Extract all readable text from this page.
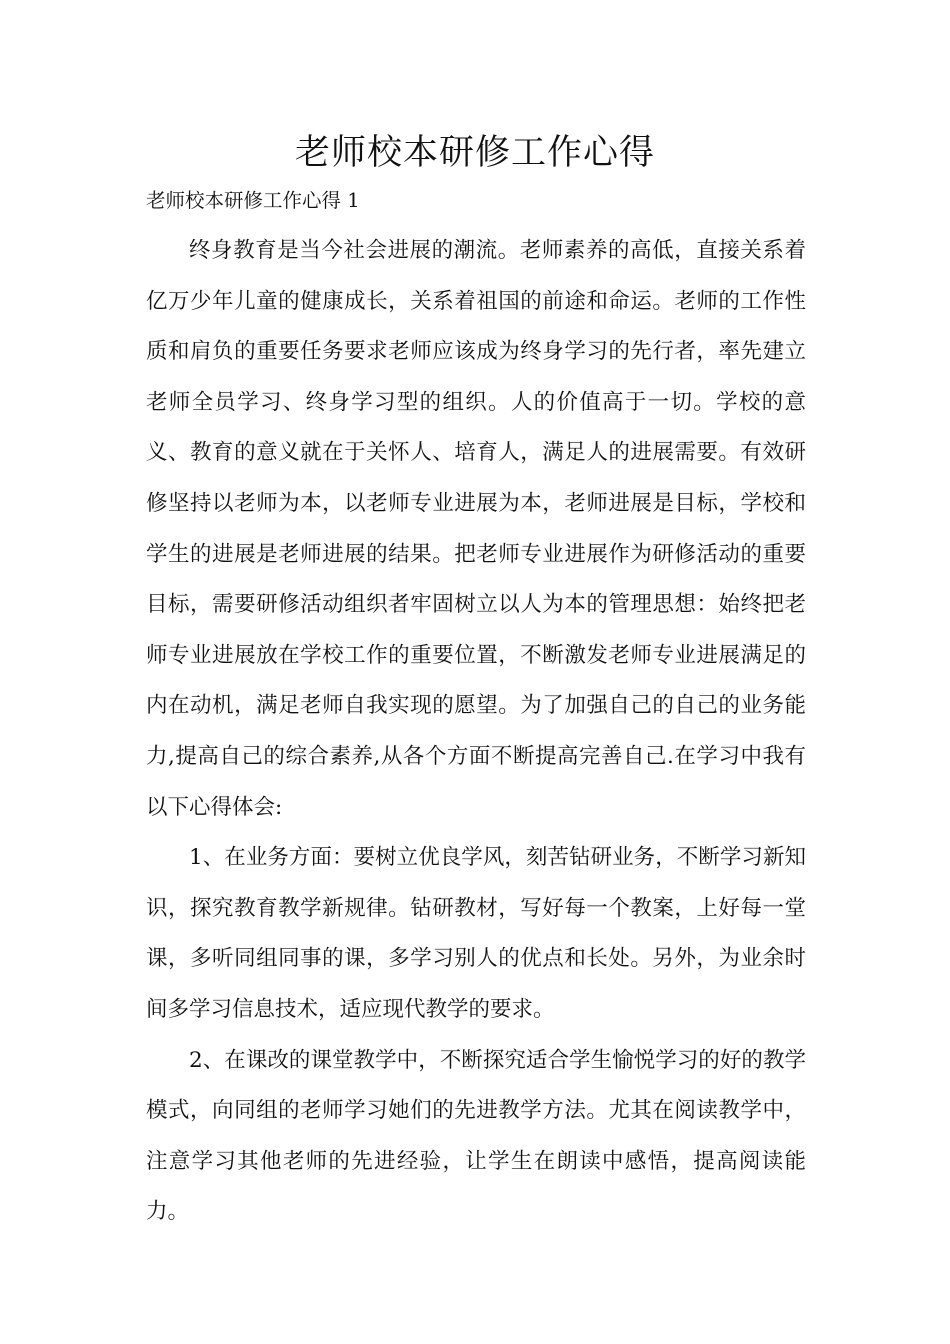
老师校本研修工作心得
老师校本研修工作心得 1

终身教育是当今社会进展的潮流。老师素养的高低，直接关系着亿万少年儿童的健康成长，关系着祖国的前途和命运。老师的工作性质和肩负的重要任务要求老师应该成为终身学习的先行者，率先建立老师全员学习、终身学习型的组织。人的价值高于一切。学校的意义、教育的意义就在于关怀人、培育人，满足人的进展需要。有效研修坚持以老师为本，以老师专业进展为本，老师进展是目标，学校和学生的进展是老师进展的结果。把老师专业进展作为研修活动的重要目标，需要研修活动组织者牢固树立以人为本的管理思想：始终把老师专业进展放在学校工作的重要位置，不断激发老师专业进展满足的内在动机，满足老师自我实现的愿望。为了加强自己的自己的业务能力,提高自己的综合素养,从各个方面不断提高完善自己.在学习中我有以下心得体会:

1、在业务方面：要树立优良学风，刻苦钻研业务，不断学习新知识，探究教育教学新规律。钻研教材，写好每一个教案，上好每一堂课，多听同组同事的课，多学习别人的优点和长处。另外，为业余时间多学习信息技术，适应现代教学的要求。

2、在课改的课堂教学中，不断探究适合学生愉悦学习的好的教学模式，向同组的老师学习她们的先进教学方法。尤其在阅读教学中，注意学习其他老师的先进经验，让学生在朗读中感悟，提高阅读能力。
